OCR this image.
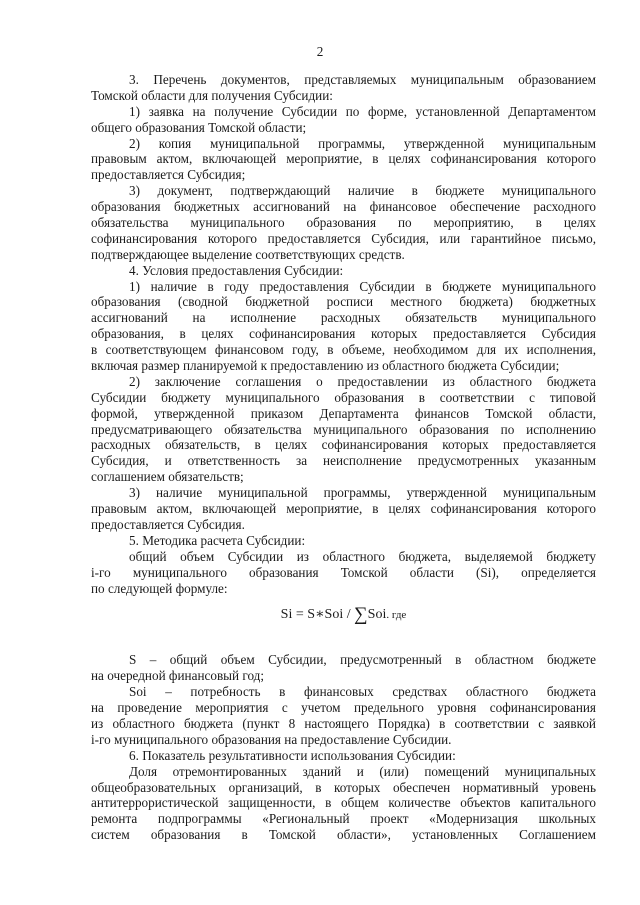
2
3. Перечень документов, представляемых муниципальным образованием
Томской области для получения Субсидии:
1) заявка на получение Субсидии по форме, установленной Департаментом
общего образования Томской области;
2) копия муниципальной программы, утвержденной муниципальным
правовым актом, включающей мероприятие, в целях софинансирования которого
предоставляется Субсидия;
3) документ, подтверждающий наличие в бюджете муниципального
образования бюджетных ассигнований на финансовое обеспечение расходного
обязательства муниципального образования по мероприятию, в целях
софинансирования которого предоставляется Субсидия, или гарантийное письмо,
подтверждающее выделение соответствующих средств.
4. Условия предоставления Субсидии:
1) наличие в году предоставления Субсидии в бюджете муниципального
образования (сводной бюджетной росписи местного бюджета) бюджетных
ассигнований на исполнение расходных обязательств муниципального
образования, в целях софинансирования которых предоставляется Субсидия
в соответствующем финансовом году, в объеме, необходимом для их исполнения,
включая размер планируемой к предоставлению из областного бюджета Субсидии;
2) заключение соглашения о предоставлении из областного бюджета
Субсидии бюджету муниципального образования в соответствии с типовой
формой, утвержденной приказом Департамента финансов Томской области,
предусматривающего обязательства муниципального образования по исполнению
расходных обязательств, в целях софинансирования которых предоставляется
Субсидия, и ответственность за неисполнение предусмотренных указанным
соглашением обязательств;
3) наличие муниципальной программы, утвержденной муниципальным
правовым актом, включающей мероприятие, в целях софинансирования которого
предоставляется Субсидия.
5. Методика расчета Субсидии:
общий объем Субсидии из областного бюджета, выделяемой бюджету
i-го муниципального образования Томской области (Si), определяется
по следующей формуле:
Si = S∗Soi / ∑Soi. где
S – общий объем Субсидии, предусмотренный в областном бюджете
на очередной финансовый год;
Soi – потребность в финансовых средствах областного бюджета
на проведение мероприятия с учетом предельного уровня софинансирования
из областного бюджета (пункт 8 настоящего Порядка) в соответствии с заявкой
i-го муниципального образования на предоставление Субсидии.
6. Показатель результативности использования Субсидии:
Доля отремонтированных зданий и (или) помещений муниципальных
общеобразовательных организаций, в которых обеспечен нормативный уровень
антитеррористической защищенности, в общем количестве объектов капитального
ремонта подпрограммы «Региональный проект «Модернизация школьных
систем образования в Томской области», установленных Соглашением
